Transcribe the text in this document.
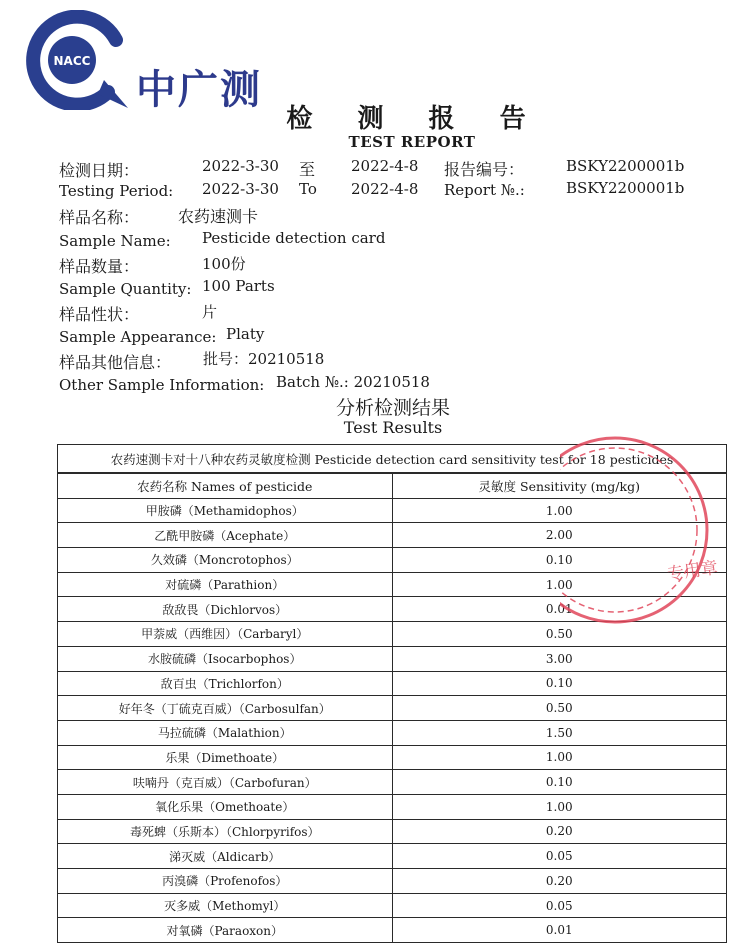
NACC
中广测
检 测 报 告
TEST REPORT
检测日期：	2022-3-30 至 2022-4-8 报告编号：	BSKY2200001b
Testing Period: 2022-3-30 To 2022-4-8 Report №.:	BSKY2200001b
样品名称： 农药速测卡
Sample Name: Pesticide detection card
样品数量：	100份
Sample Quantity: 100 Parts
样品性状：	片
Sample Appearance: Platy
样品其他信息： 批号：20210518
Other Sample Information: Batch №.: 20210518
分析检测结果
Test Results
农药速测卡对十八种农药灵敏度检测 Pesticide detection card sensitivity test for 18 pesticides	
农药名称 Names of pesticide	灵敏度 Sensitivity (mg/kg)
甲胺磷（Methamidophos）	1.00
乙酰甲胺磷（Acephate）	2.00
久效磷（Moncrotophos）	0.10
对硫磷（Parathion）	1.00
敌敌畏（Dichlorvos）	0.01
甲萘威（西维因）（Carbaryl）	0.50
水胺硫磷（Isocarbophos）	3.00
敌百虫（Trichlorfon）	0.10
好年冬（丁硫克百威）（Carbosulfan）	0.50
马拉硫磷（Malathion）	1.50
乐果（Dimethoate）	1.00
呋喃丹（克百威）（Carbofuran）	0.10
氧化乐果（Omethoate）	1.00
毒死蜱（乐斯本）（Chlorpyrifos）	0.20
涕灭威（Aldicarb）	0.05
丙溴磷（Profenofos）	0.20
灭多威（Methomyl）	0.05
对氧磷（Paraoxon）	0.01
专用章
